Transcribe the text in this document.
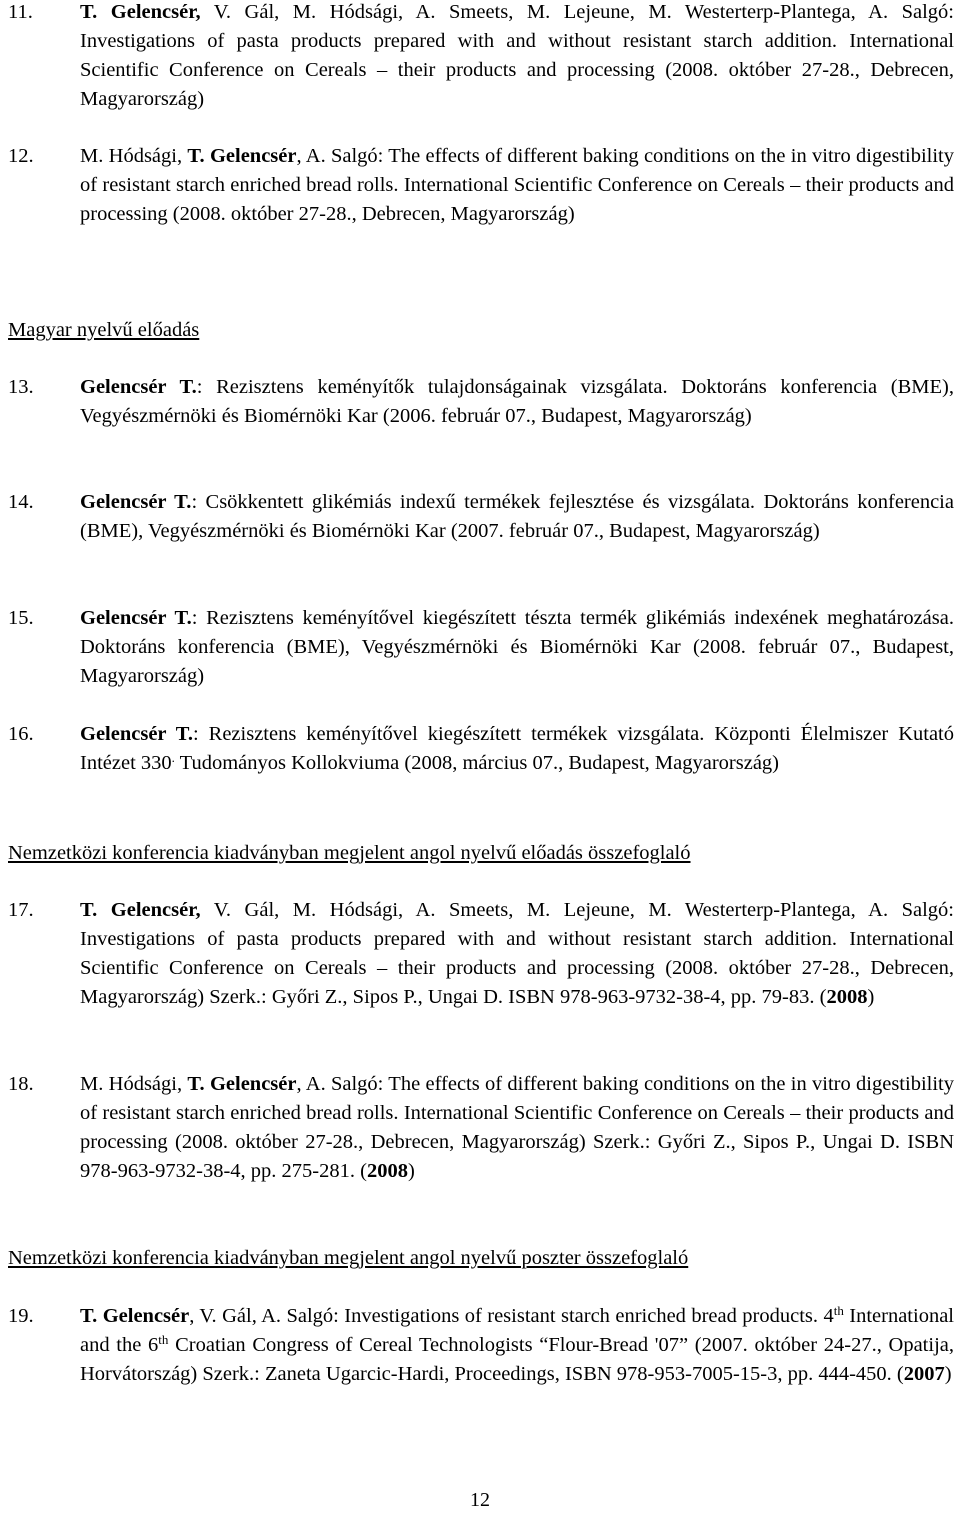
11.	T. Gelencsér, V. Gál, M. Hódsági, A. Smeets, M. Lejeune, M. Westerterp-Plantega, A. Salgó: Investigations of pasta products prepared with and without resistant starch addition. International Scientific Conference on Cereals – their products and processing (2008. október 27-28., Debrecen, Magyarország)
12.	M. Hódsági, T. Gelencsér, A. Salgó: The effects of different baking conditions on the in vitro digestibility of resistant starch enriched bread rolls. International Scientific Conference on Cereals – their products and processing (2008. október 27-28., Debrecen, Magyarország)
Magyar nyelvű előadás
13.	Gelencsér T.: Rezisztens keményítők tulajdonságainak vizsgálata. Doktoráns konferencia (BME), Vegyészmérnöki és Biomérnöki Kar (2006. február 07., Budapest, Magyarország)
14.	Gelencsér T.: Csökkentett glikémiás indexű termékek fejlesztése és vizsgálata. Doktoráns konferencia (BME), Vegyészmérnöki és Biomérnöki Kar (2007. február 07., Budapest, Magyarország)
15.	Gelencsér T.: Rezisztens keményítővel kiegészített tészta termék glikémiás indexének meghatározása. Doktoráns konferencia (BME), Vegyészmérnöki és Biomérnöki Kar (2008. február 07., Budapest, Magyarország)
16.	Gelencsér T.: Rezisztens keményítővel kiegészített termékek vizsgálata. Központi Élelmiszer Kutató Intézet 330. Tudományos Kollokviuma (2008, március 07., Budapest, Magyarország)
Nemzetközi konferencia kiadványban megjelent angol nyelvű előadás összefoglaló
17.	T. Gelencsér, V. Gál, M. Hódsági, A. Smeets, M. Lejeune, M. Westerterp-Plantega, A. Salgó: Investigations of pasta products prepared with and without resistant starch addition. International Scientific Conference on Cereals – their products and processing (2008. október 27-28., Debrecen, Magyarország) Szerk.: Győri Z., Sipos P., Ungai D. ISBN 978-963-9732-38-4, pp. 79-83. (2008)
18.	M. Hódsági, T. Gelencsér, A. Salgó: The effects of different baking conditions on the in vitro digestibility of resistant starch enriched bread rolls. International Scientific Conference on Cereals – their products and processing (2008. október 27-28., Debrecen, Magyarország) Szerk.: Győri Z., Sipos P., Ungai D. ISBN 978-963-9732-38-4, pp. 275-281. (2008)
Nemzetközi konferencia kiadványban megjelent angol nyelvű poszter összefoglaló
19.	T. Gelencsér, V. Gál, A. Salgó: Investigations of resistant starch enriched bread products. 4th International and the 6th Croatian Congress of Cereal Technologists “Flour-Bread '07” (2007. október 24-27., Opatija, Horvátország) Szerk.: Zaneta Ugarcic-Hardi, Proceedings, ISBN 978-953-7005-15-3, pp. 444-450. (2007)
12
